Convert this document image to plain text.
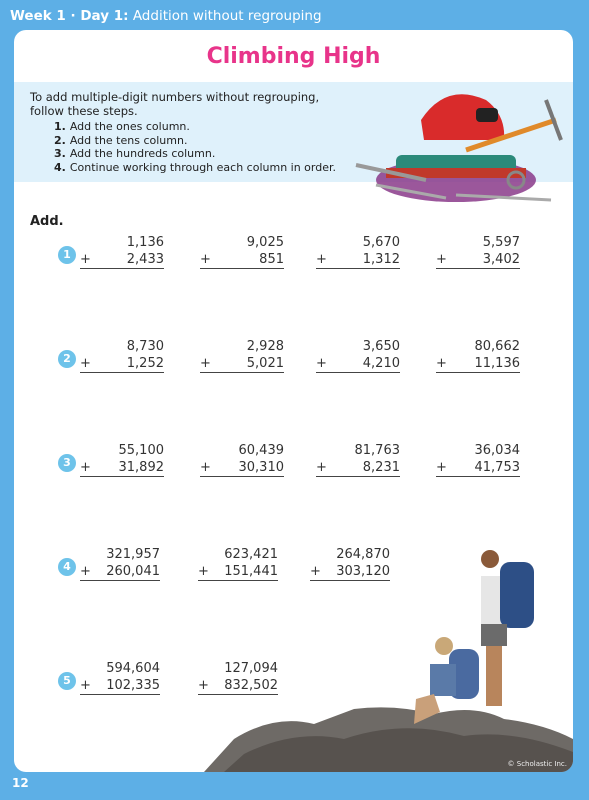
Week 1 · Day 1: Addition without regrouping
Climbing High
To add multiple-digit numbers without regrouping, follow these steps.
1. Add the ones column.
2. Add the tens column.
3. Add the hundreds column.
4. Continue working through each column in order.
Add.
1
1,136
+	2,433
9,025
+	851
5,670
+	1,312
5,597
+	3,402
2
8,730
+	1,252
2,928
+	5,021
3,650
+	4,210
80,662
+ 11,136
3
55,100
+ 31,892
60,439
+ 30,310
81,763
+	8,231
36,034
+ 41,753
4
321,957
+ 260,041
623,421
+ 151,441
264,870
+ 303,120
5
594,604
+ 102,335
127,094
+ 832,502
12
© Scholastic Inc.
